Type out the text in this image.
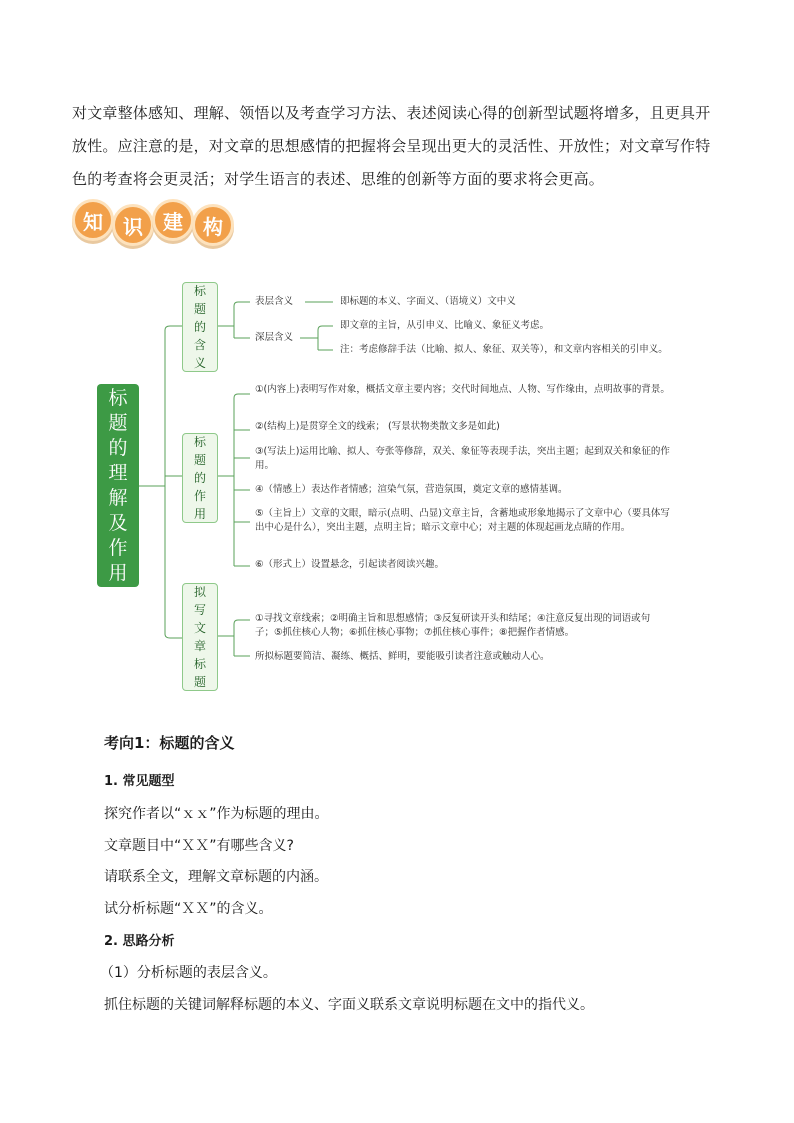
对文章整体感知、理解、领悟以及考查学习方法、表述阅读心得的创新型试题将增多，且更具开放性。应注意的是，对文章的思想感情的把握将会呈现出更大的灵活性、开放性；对文章写作特色的考查将会更灵活；对学生语言的表述、思维的创新等方面的要求将会更高。
知	识	建	构
标
题
的
理
解
及
作
用
标
题
的
含
义
标
题
的
作
用
拟
写
文
章
标
题
表层含义	即标题的本义、字面义、（语境义）文中义
深层含义
即文章的主旨，从引申义、比喻义、象征义考虑。
注：考虑修辞手法（比喻、拟人、象征、双关等），和文章内容相关的引申义。
①(内容上)表明写作对象，概括文章主要内容；交代时间地点、人物、写作缘由，点明故事的背景。
②(结构上)是贯穿全文的线索； (写景状物类散文多是如此)
③(写法上)运用比喻、拟人、夸张等修辞，双关、象征等表现手法，突出主题；起到双关和象征的作用。
④（情感上）表达作者情感；渲染气氛，营造氛围，奠定文章的感情基调。
⑤（主旨上）文章的文眼，暗示(点明、凸显)文章主旨，含蓄地或形象地揭示了文章中心（要具体写出中心是什么），突出主题，点明主旨；暗示文章中心；对主题的体现起画龙点睛的作用。
⑥（形式上）设置悬念，引起读者阅读兴趣。
①寻找文章线索；②明确主旨和思想感情；③反复研读开头和结尾；④注意反复出现的词语或句子；⑤抓住核心人物；⑥抓住核心事物；⑦抓住核心事件；⑧把握作者情感。
所拟标题要简洁、凝练、概括、鲜明，要能吸引读者注意或触动人心。
考向1：标题的含义
1. 常见题型
探究作者以“ｘｘ”作为标题的理由。
文章题目中“ＸＸ”有哪些含义?
请联系全文，理解文章标题的内涵。
试分析标题“ＸＸ”的含义。
2. 思路分析
（1）分析标题的表层含义。
抓住标题的关键词解释标题的本义、字面义联系文章说明标题在文中的指代义。
